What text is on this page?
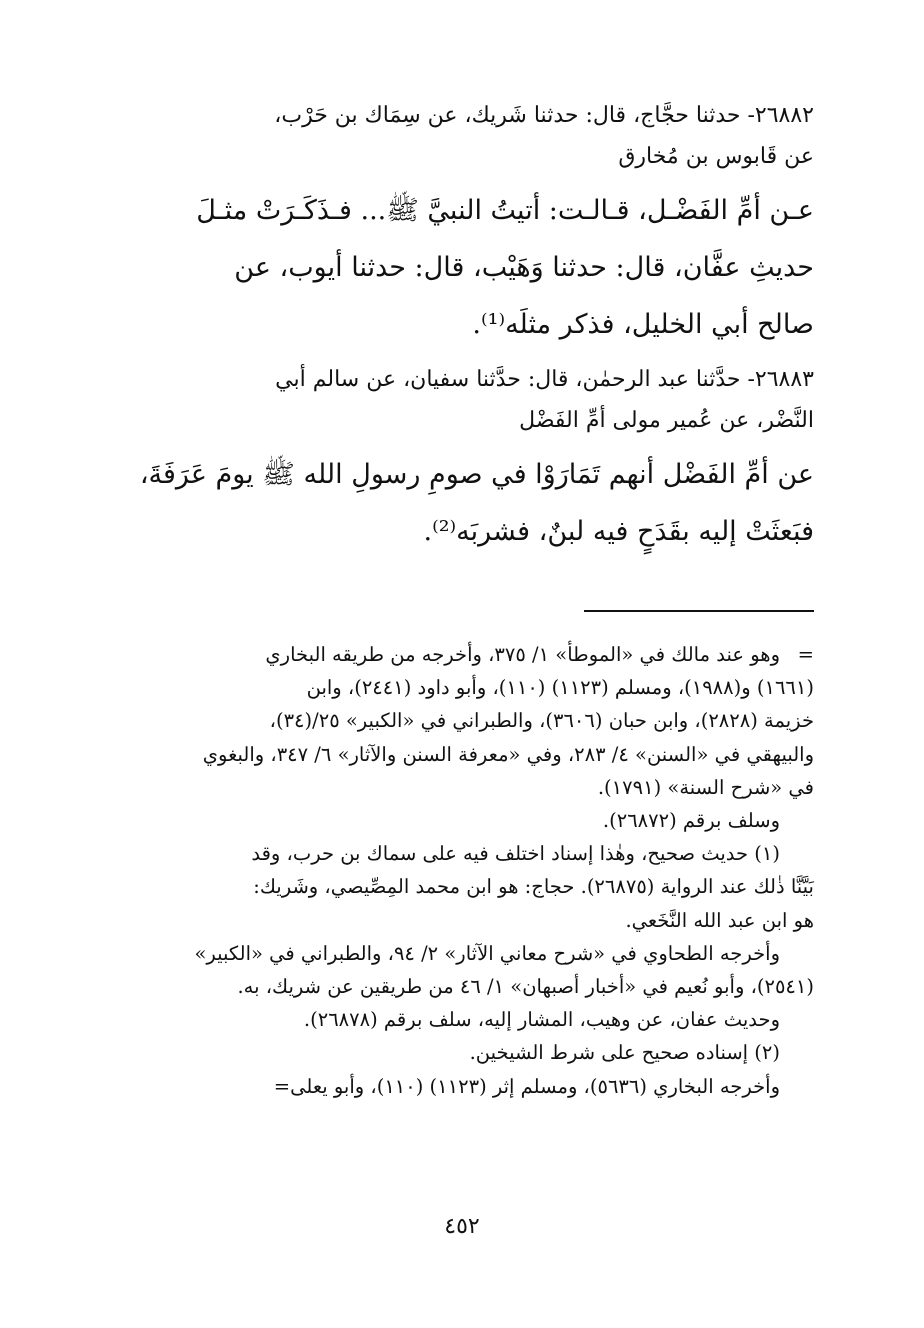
٢٦٨٨٢- حدثنا حجَّاج، قال: حدثنا شَريك، عن سِمَاك بن حَرْب،
عن قَابوس بن مُخارق
عـن أمِّ الفَضْـل، قـالـت: أتيتُ النبيَّ ﷺ... فـذَكَـرَتْ مثـلَ
حديثِ عفَّان، قال: حدثنا وَهَيْب، قال: حدثنا أيوب، عن
صالح أبي الخليل، فذكر مثلَه⁽¹⁾.
٢٦٨٨٣- حدَّثنا عبد الرحمٰن، قال: حدَّثنا سفيان، عن سالم أبي
النَّضْر، عن عُمير مولى أمِّ الفَضْل
عن أمِّ الفَضْل أنهم تَمَارَوْا في صومِ رسولِ الله ﷺ يومَ عَرَفَةَ،
فبَعثَتْ إليه بقَدَحٍ فيه لبنٌ، فشربَه⁽²⁾.
=وهو عند مالك في «الموطأ» ١/ ٣٧٥، وأخرجه من طريقه البخاري
(١٦٦١) و(١٩٨٨)، ومسلم (١١٢٣) (١١٠)، وأبو داود (٢٤٤١)، وابن
خزيمة (٢٨٢٨)، وابن حبان (٣٦٠٦)، والطبراني في «الكبير» ٢٥/(٣٤)،
والبيهقي في «السنن» ٤/ ٢٨٣، وفي «معرفة السنن والآثار» ٦/ ٣٤٧، والبغوي
في «شرح السنة» (١٧٩١).
وسلف برقم (٢٦٨٧٢).
(١) حديث صحيح، وهٰذا إسناد اختلف فيه على سماك بن حرب، وقد
بَيَّنَّا ذٰلك عند الرواية (٢٦٨٧٥). حجاج: هو ابن محمد المِصِّيصي، وشَريك:
هو ابن عبد الله النَّخَعي.
وأخرجه الطحاوي في «شرح معاني الآثار» ٢/ ٩٤، والطبراني في «الكبير»
(٢٥٤١)، وأبو نُعيم في «أخبار أصبهان» ١/ ٤٦ من طريقين عن شريك، به.
وحديث عفان، عن وهيب، المشار إليه، سلف برقم (٢٦٨٧٨).
(٢) إسناده صحيح على شرط الشيخين.
وأخرجه البخاري (٥٦٣٦)، ومسلم إثر (١١٢٣) (١١٠)، وأبو يعلى=
٤٥٢
